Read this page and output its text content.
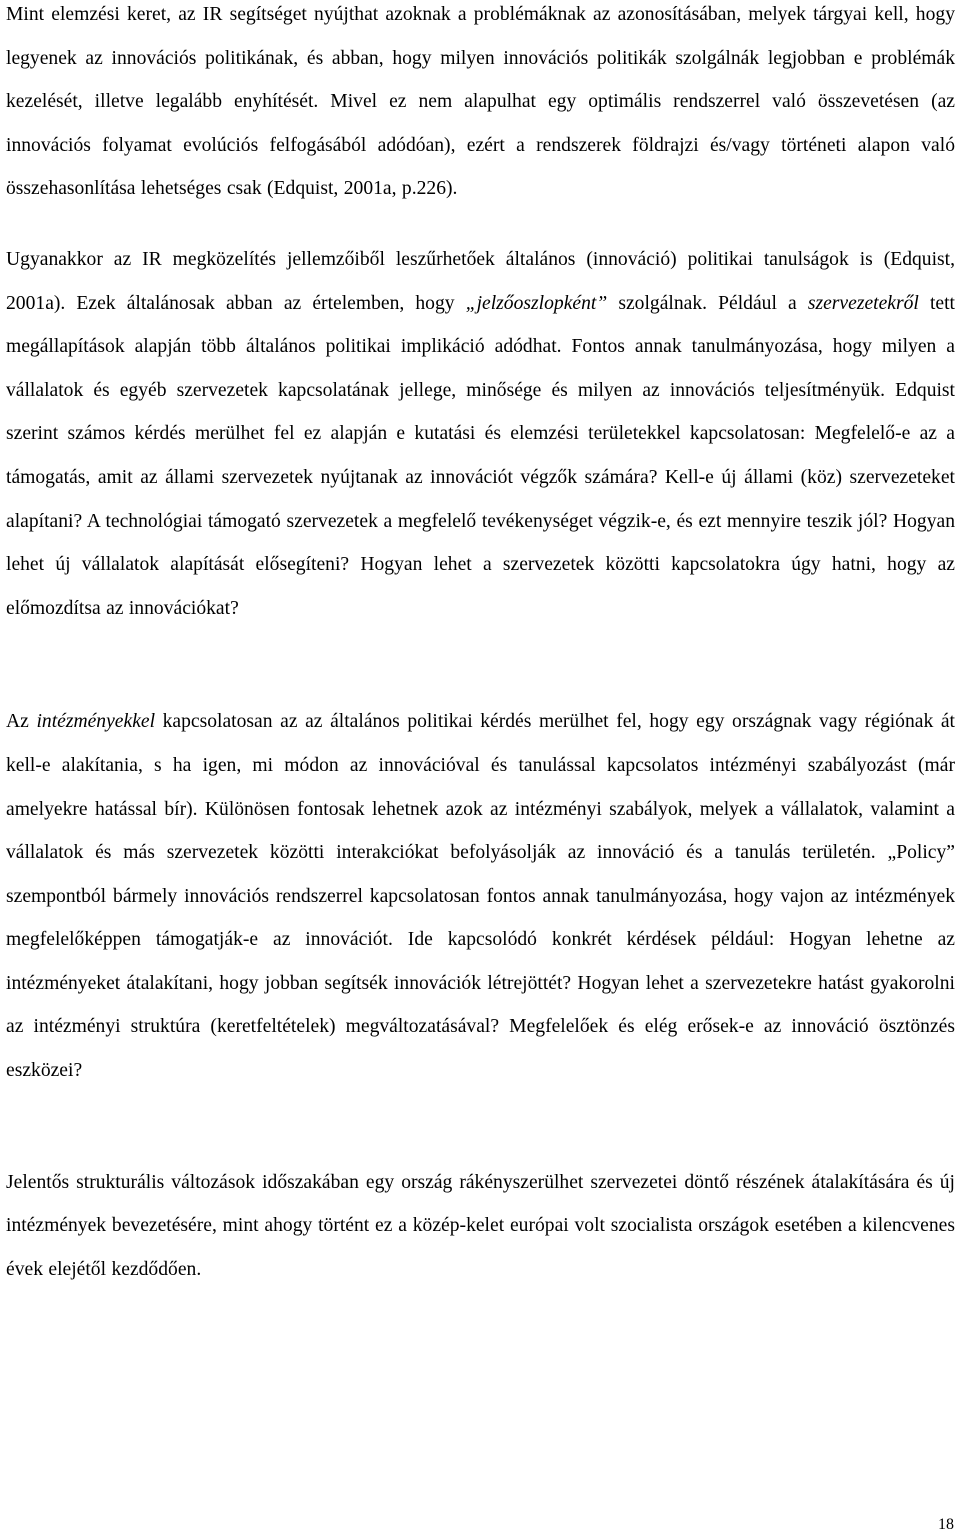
Mint elemzési keret, az IR segítséget nyújthat azoknak a problémáknak az azonosításában, melyek tárgyai kell, hogy legyenek az innovációs politikának, és abban, hogy milyen innovációs politikák szolgálnák legjobban e problémák kezelését, illetve legalább enyhítését. Mivel ez nem alapulhat egy optimális rendszerrel való összevetésen (az innovációs folyamat evolúciós felfogásából adódóan), ezért a rendszerek földrajzi és/vagy történeti alapon való összehasonlítása lehetséges csak (Edquist, 2001a, p.226).

Ugyanakkor az IR megközelítés jellemzőiből leszűrhetőek általános (innováció) politikai tanulságok is (Edquist, 2001a). Ezek általánosak abban az értelemben, hogy „jelzőoszlopként” szolgálnak. Például a szervezetekről tett megállapítások alapján több általános politikai implikáció adódhat. Fontos annak tanulmányozása, hogy milyen a vállalatok és egyéb szervezetek kapcsolatának jellege, minősége és milyen az innovációs teljesítményük. Edquist szerint számos kérdés merülhet fel ez alapján e kutatási és elemzési területekkel kapcsolatosan: Megfelelő-e az a támogatás, amit az állami szervezetek nyújtanak az innovációt végzők számára? Kell-e új állami (köz) szervezeteket alapítani? A technológiai támogató szervezetek a megfelelő tevékenységet végzik-e, és ezt mennyire teszik jól? Hogyan lehet új vállalatok alapítását elősegíteni? Hogyan lehet a szervezetek közötti kapcsolatokra úgy hatni, hogy az előmozdítsa az innovációkat?

Az intézményekkel kapcsolatosan az az általános politikai kérdés merülhet fel, hogy egy országnak vagy régiónak át kell-e alakítania, s ha igen, mi módon az innovációval és tanulással kapcsolatos intézményi szabályozást (már amelyekre hatással bír). Különösen fontosak lehetnek azok az intézményi szabályok, melyek a vállalatok, valamint a vállalatok és más szervezetek közötti interakciókat befolyásolják az innováció és a tanulás területén. „Policy” szempontból bármely innovációs rendszerrel kapcsolatosan fontos annak tanulmányozása, hogy vajon az intézmények megfelelőképpen támogatják-e az innovációt. Ide kapcsolódó konkrét kérdések például: Hogyan lehetne az intézményeket átalakítani, hogy jobban segítsék innovációk létrejöttét? Hogyan lehet a szervezetekre hatást gyakorolni az intézményi struktúra (keretfeltételek) megváltozatásával? Megfelelőek és elég erősek-e az innováció ösztönzés eszközei?

Jelentős strukturális változások időszakában egy ország rákényszerülhet szervezetei döntő részének átalakítására és új intézmények bevezetésére, mint ahogy történt ez a közép-kelet európai volt szocialista országok esetében a kilencvenes évek elejétől kezdődően.

18
